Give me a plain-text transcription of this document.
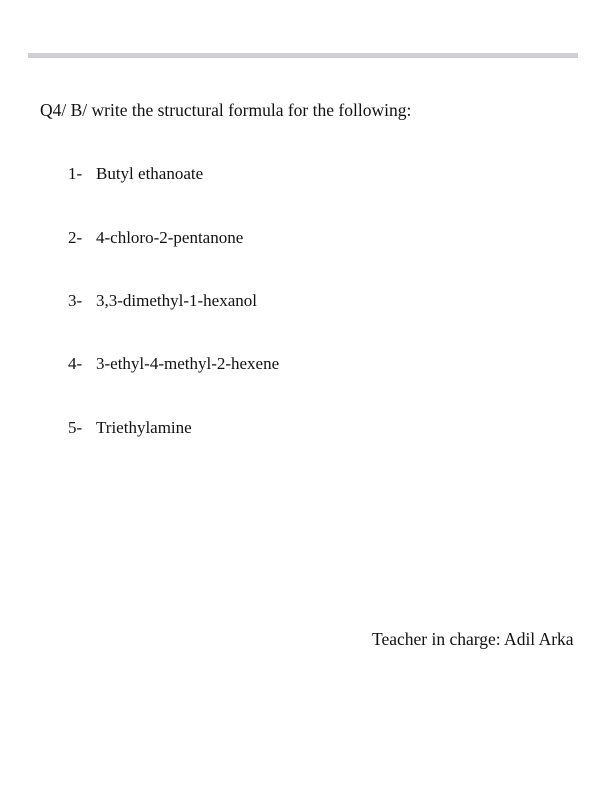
Q4/ B/ write the structural formula for the following:
1- Butyl ethanoate
2- 4-chloro-2-pentanone
3- 3,3-dimethyl-1-hexanol
4- 3-ethyl-4-methyl-2-hexene
5- Triethylamine
Teacher in charge: Adil Arka
